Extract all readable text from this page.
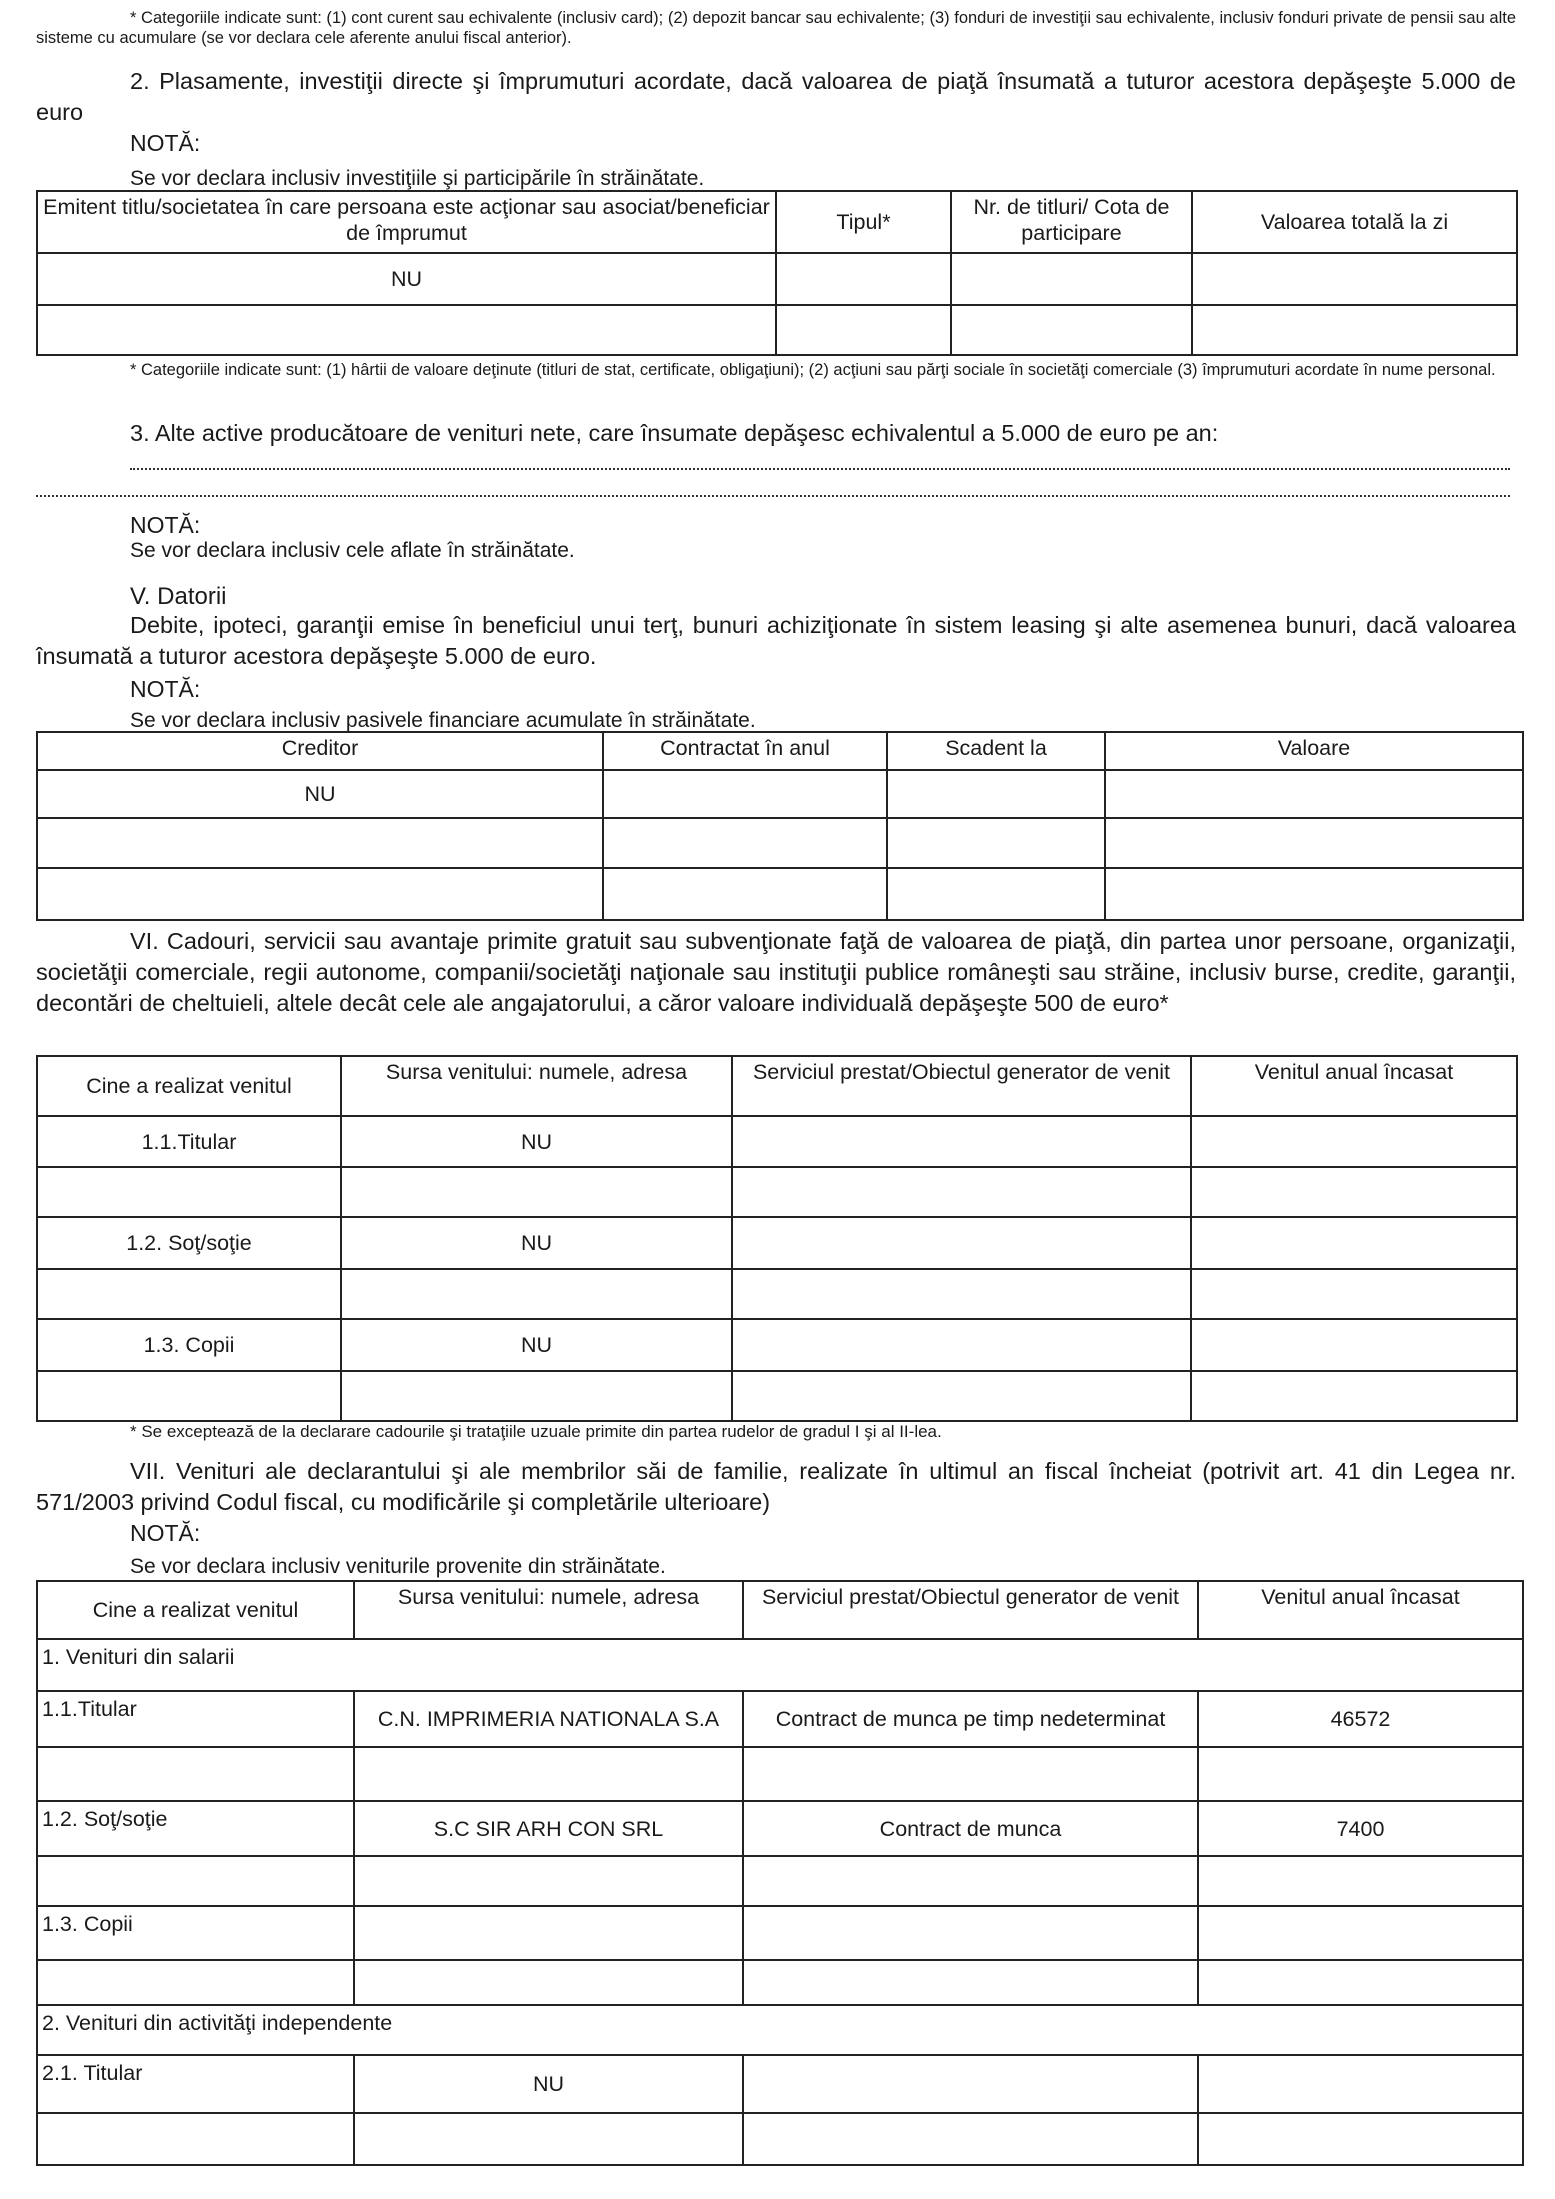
* Categoriile indicate sunt: (1) cont curent sau echivalente (inclusiv card); (2) depozit bancar sau echivalente; (3) fonduri de investiţii sau echivalente, inclusiv fonduri private de pensii sau alte sisteme cu acumulare (se vor declara cele aferente anului fiscal anterior).
2. Plasamente, investiţii directe şi împrumuturi acordate, dacă valoarea de piaţă însumată a tuturor acestora depăşeşte 5.000 de euro
NOTĂ:
Se vor declara inclusiv investiţiile şi participările în străinătate.
Emitent titlu/societatea în care persoana este acţionar sau asociat/beneficiar de împrumut	Tipul*	Nr. de titluri/ Cota de participare	Valoarea totală la zi
NU			

* Categoriile indicate sunt: (1) hârtii de valoare deţinute (titluri de stat, certificate, obligaţiuni); (2) acţiuni sau părţi sociale în societăţi comerciale (3) împrumuturi acordate în nume personal.
3. Alte active producătoare de venituri nete, care însumate depăşesc echivalentul a 5.000 de euro pe an:
NOTĂ:
Se vor declara inclusiv cele aflate în străinătate.
V. Datorii
Debite, ipoteci, garanţii emise în beneficiul unui terţ, bunuri achiziţionate în sistem leasing şi alte asemenea bunuri, dacă valoarea însumată a tuturor acestora depăşeşte 5.000 de euro.
NOTĂ:
Se vor declara inclusiv pasivele financiare acumulate în străinătate.
Creditor	Contractat în anul	Scadent la	Valoare
NU			

VI. Cadouri, servicii sau avantaje primite gratuit sau subvenţionate faţă de valoarea de piaţă, din partea unor persoane, organizaţii, societăţii comerciale, regii autonome, companii/societăţi naţionale sau instituţii publice româneşti sau străine, inclusiv burse, credite, garanţii, decontări de cheltuieli, altele decât cele ale angajatorului, a căror valoare individuală depăşeşte 500 de euro*
Cine a realizat venitul	Sursa venitului: numele, adresa	Serviciul prestat/Obiectul generator de venit	Venitul anual încasat
1.1.Titular	NU		

1.2. Soţ/soţie	NU		

1.3. Copii	NU		

* Se exceptează de la declarare cadourile şi trataţiile uzuale primite din partea rudelor de gradul I şi al II-lea.
VII. Venituri ale declarantului şi ale membrilor săi de familie, realizate în ultimul an fiscal încheiat (potrivit art. 41 din Legea nr. 571/2003 privind Codul fiscal, cu modificările şi completările ulterioare)
NOTĂ:
Se vor declara inclusiv veniturile provenite din străinătate.
Cine a realizat venitul	Sursa venitului: numele, adresa	Serviciul prestat/Obiectul generator de venit	Venitul anual încasat
1. Venituri din salarii			
1.1.Titular	C.N. IMPRIMERIA NATIONALA S.A	Contract de munca pe timp nedeterminat	46572

1.2. Soţ/soţie	S.C SIR ARH CON SRL	Contract de munca	7400

1.3. Copii			

2. Venituri din activităţi independente			
2.1. Titular	NU		
